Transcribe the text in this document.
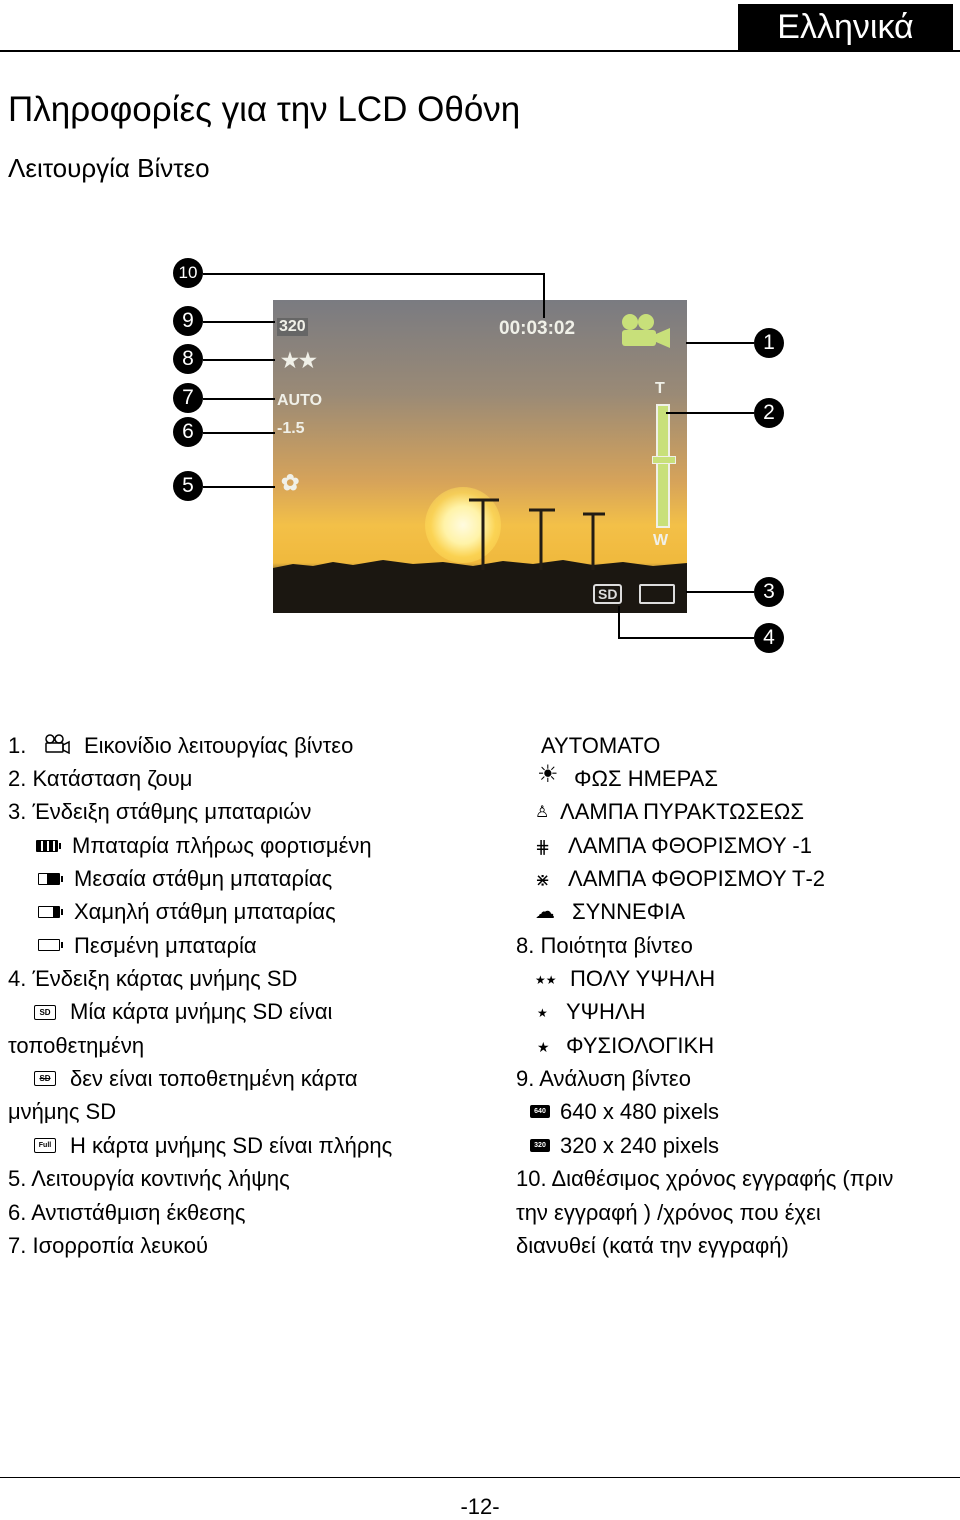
Ελληνικά
Πληροφορίες για την LCD Οθόνη
Λειτουργία Βίντεο
320
★★
AUTO
-1.5
✿
00:03:02
T
W
SD
10
9
8
7
6
5
1
2
3
4
1.	Εικονίδιο λειτουργίας βίντεο
2. Κατάσταση ζουμ
3. Ένδειξη στάθμης μπαταριών
Μπαταρία πλήρως φορτισμένη
Μεσαία στάθμη μπαταρίας
Χαμηλή στάθμη μπαταρίας
Πεσμένη μπαταρία
4. Ένδειξη κάρτας μνήμης SD
SD Μία κάρτα μνήμης SD είναι
τοποθετημένη
SD δεν είναι τοποθετημένη κάρτα
μνήμης SD
Full Η κάρτα μνήμης SD είναι πλήρης
5. Λειτουργία κοντινής λήψης
6. Αντιστάθμιση έκθεσης
7. Ισορροπία λευκού
ΑΥΤΟΜΑΤΟ
☀ ΦΩΣ ΗΜΕΡΑΣ
♙ ΛΑΜΠΑ ΠΥΡΑΚΤΩΣΕΩΣ
⋕ ΛΑΜΠΑ ΦΘΟΡΙΣΜΟΥ -1
⋇ ΛΑΜΠΑ ΦΘΟΡΙΣΜΟΥ Τ-2
☁ ΣΥΝΝΕΦΙΑ
8. Ποιότητα βίντεο
★★ ΠΟΛΥ ΥΨΗΛΗ
★ ΥΨΗΛΗ
★ ΦΥΣΙΟΛΟΓΙΚΗ
9. Ανάλυση βίντεο
640 640 x 480 pixels
320 320 x 240 pixels
10. Διαθέσιμος χρόνος εγγραφής (πριν
την εγγραφή ) /χρόνος που έχει
διανυθεί (κατά την εγγραφή)
-12-
